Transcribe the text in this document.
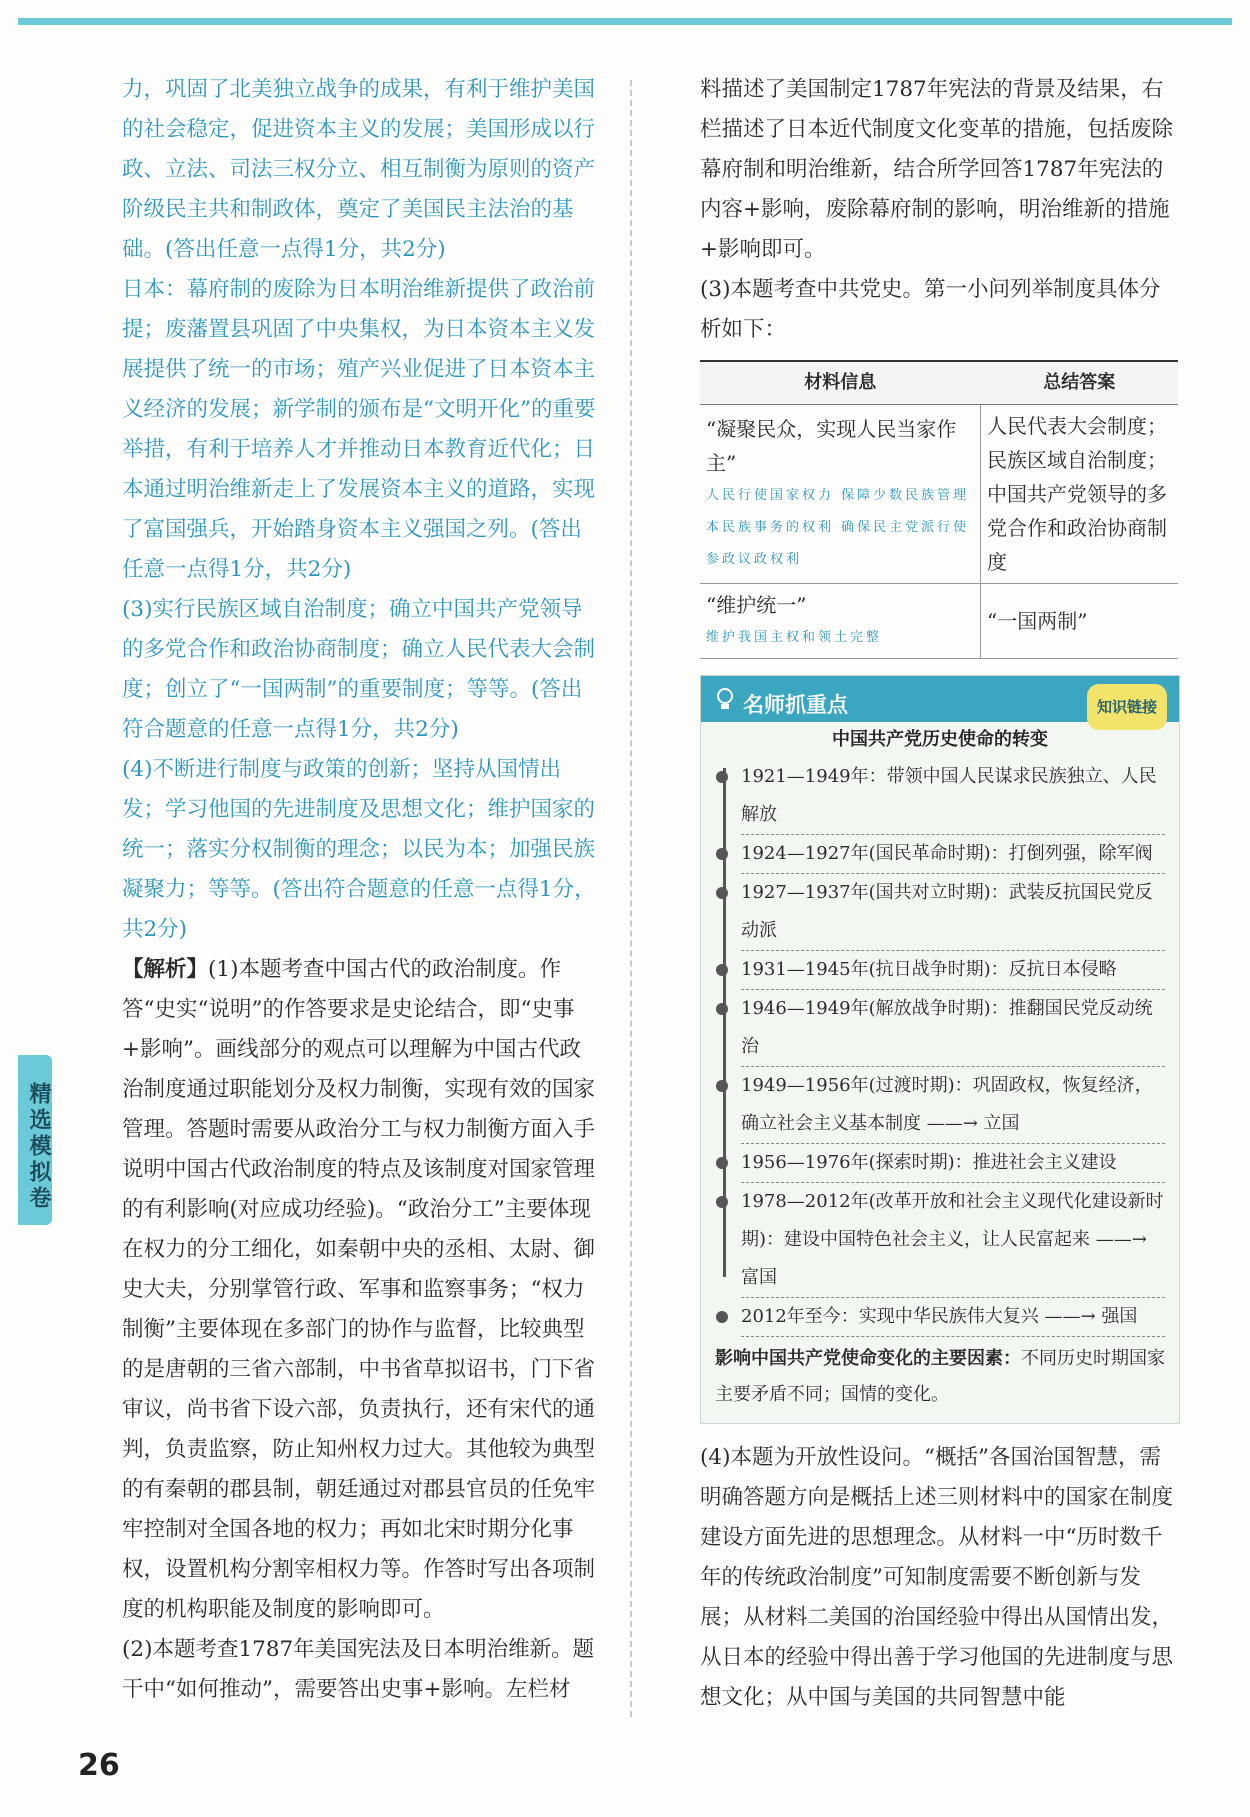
力，巩固了北美独立战争的成果，有利于维护美国的社会稳定，促进资本主义的发展；美国形成以行政、立法、司法三权分立、相互制衡为原则的资产阶级民主共和制政体，奠定了美国民主法治的基础。(答出任意一点得1分，共2分)

日本：幕府制的废除为日本明治维新提供了政治前提；废藩置县巩固了中央集权，为日本资本主义发展提供了统一的市场；殖产兴业促进了日本资本主义经济的发展；新学制的颁布是“文明开化”的重要举措，有利于培养人才并推动日本教育近代化；日本通过明治维新走上了发展资本主义的道路，实现了富国强兵，开始踏身资本主义强国之列。(答出任意一点得1分，共2分)

(3)实行民族区域自治制度；确立中国共产党领导的多党合作和政治协商制度；确立人民代表大会制度；创立了“一国两制”的重要制度；等等。(答出符合题意的任意一点得1分，共2分)

(4)不断进行制度与政策的创新；坚持从国情出发；学习他国的先进制度及思想文化；维护国家的统一；落实分权制衡的理念；以民为本；加强民族凝聚力；等等。(答出符合题意的任意一点得1分，共2分)

【解析】(1)本题考查中国古代的政治制度。作答“史实“说明”的作答要求是史论结合，即“史事+影响”。画线部分的观点可以理解为中国古代政治制度通过职能划分及权力制衡，实现有效的国家管理。答题时需要从政治分工与权力制衡方面入手说明中国古代政治制度的特点及该制度对国家管理的有利影响(对应成功经验)。“政治分工”主要体现在权力的分工细化，如秦朝中央的丞相、太尉、御史大夫，分别掌管行政、军事和监察事务；“权力制衡”主要体现在多部门的协作与监督，比较典型的是唐朝的三省六部制，中书省草拟诏书，门下省审议，尚书省下设六部，负责执行，还有宋代的通判，负责监察，防止知州权力过大。其他较为典型的有秦朝的郡县制，朝廷通过对郡县官员的任免牢牢控制对全国各地的权力；再如北宋时期分化事权，设置机构分割宰相权力等。作答时写出各项制度的机构职能及制度的影响即可。

(2)本题考查1787年美国宪法及日本明治维新。题干中“如何推动”，需要答出史事+影响。左栏材

料描述了美国制定1787年宪法的背景及结果，右栏描述了日本近代制度文化变革的措施，包括废除幕府制和明治维新，结合所学回答1787年宪法的内容+影响，废除幕府制的影响，明治维新的措施+影响即可。

(3)本题考查中共党史。第一小问列举制度具体分析如下：

材料信息	总结答案

“凝聚民众，实现人民当家作主”
人民行使国家权力 保障少数民族管理本民族事务的权利 确保民主党派行使参政议政权利	人民代表大会制度；民族区域自治制度；中国共产党领导的多党合作和政治协商制度

“维护统一”
维护我国主权和领土完整	“一国两制”
名师抓重点	知识链接
中国共产党历史使命的转变
1921—1949年：带领中国人民谋求民族独立、人民解放
1924—1927年(国民革命时期)：打倒列强，除军阀
1927—1937年(国共对立时期)：武装反抗国民党反动派
1931—1945年(抗日战争时期)：反抗日本侵略
1946—1949年(解放战争时期)：推翻国民党反动统治
1949—1956年(过渡时期)：巩固政权，恢复经济，确立社会主义基本制度 ——→ 立国
1956—1976年(探索时期)：推进社会主义建设
1978—2012年(改革开放和社会主义现代化建设新时期)：建设中国特色社会主义，让人民富起来 ——→ 富国
2012年至今：实现中华民族伟大复兴 ——→ 强国
影响中国共产党使命变化的主要因素：不同历史时期国家主要矛盾不同；国情的变化。

(4)本题为开放性设问。“概括”各国治国智慧，需明确答题方向是概括上述三则材料中的国家在制度建设方面先进的思想理念。从材料一中“历时数千年的传统政治制度”可知制度需要不断创新与发展；从材料二美国的治国经验中得出从国情出发，从日本的经验中得出善于学习他国的先进制度与思想文化；从中国与美国的共同智慧中能

精选模拟卷
26
